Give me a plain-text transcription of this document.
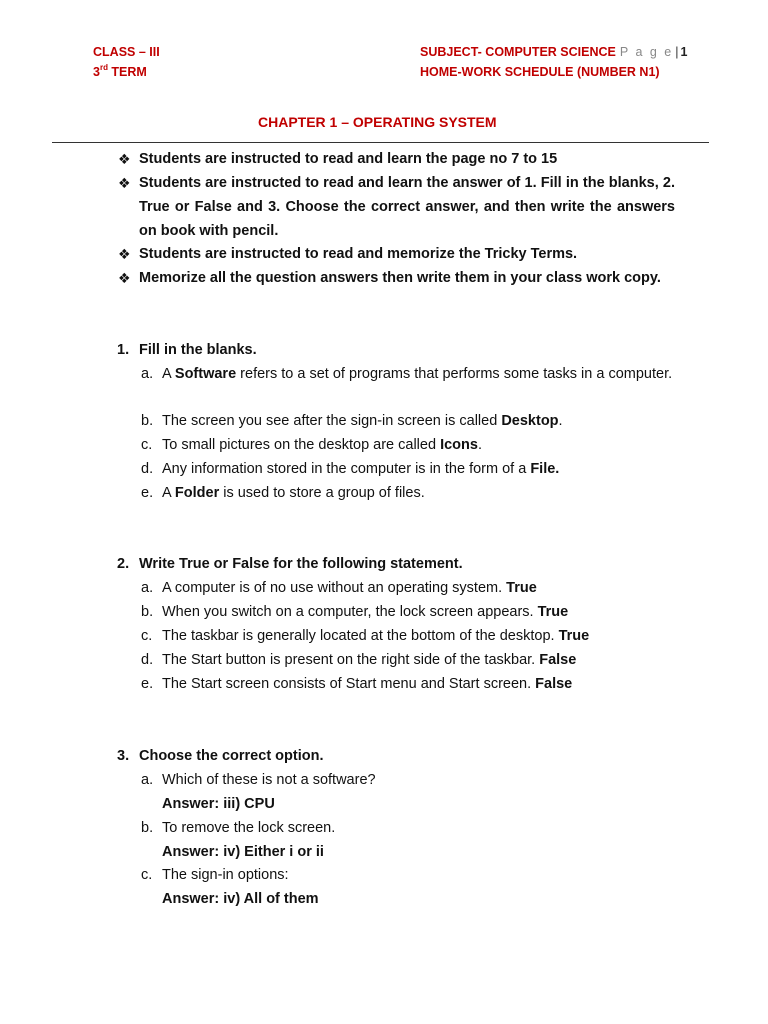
CLASS – III
3rd TERM
SUBJECT- COMPUTER SCIENCE P a g e | 1
HOME-WORK SCHEDULE (NUMBER N1)
CHAPTER 1 – OPERATING SYSTEM
❖ Students are instructed to read and learn the page no 7 to 15
❖ Students are instructed to read and learn the answer of 1. Fill in the blanks, 2. True or False and 3. Choose the correct answer, and then write the answers on book with pencil.
❖ Students are instructed to read and memorize the Tricky Terms.
❖ Memorize all the question answers then write them in your class work copy.
1. Fill in the blanks.
a. A Software refers to a set of programs that performs some tasks in a computer.
b. The screen you see after the sign-in screen is called Desktop.
c. To small pictures on the desktop are called Icons.
d. Any information stored in the computer is in the form of a File.
e. A Folder is used to store a group of files.
2. Write True or False for the following statement.
a. A computer is of no use without an operating system. True
b. When you switch on a computer, the lock screen appears. True
c. The taskbar is generally located at the bottom of the desktop. True
d. The Start button is present on the right side of the taskbar. False
e. The Start screen consists of Start menu and Start screen. False
3. Choose the correct option.
a. Which of these is not a software?
Answer: iii) CPU
b. To remove the lock screen.
Answer: iv) Either i or ii
c. The sign-in options:
Answer: iv) All of them
